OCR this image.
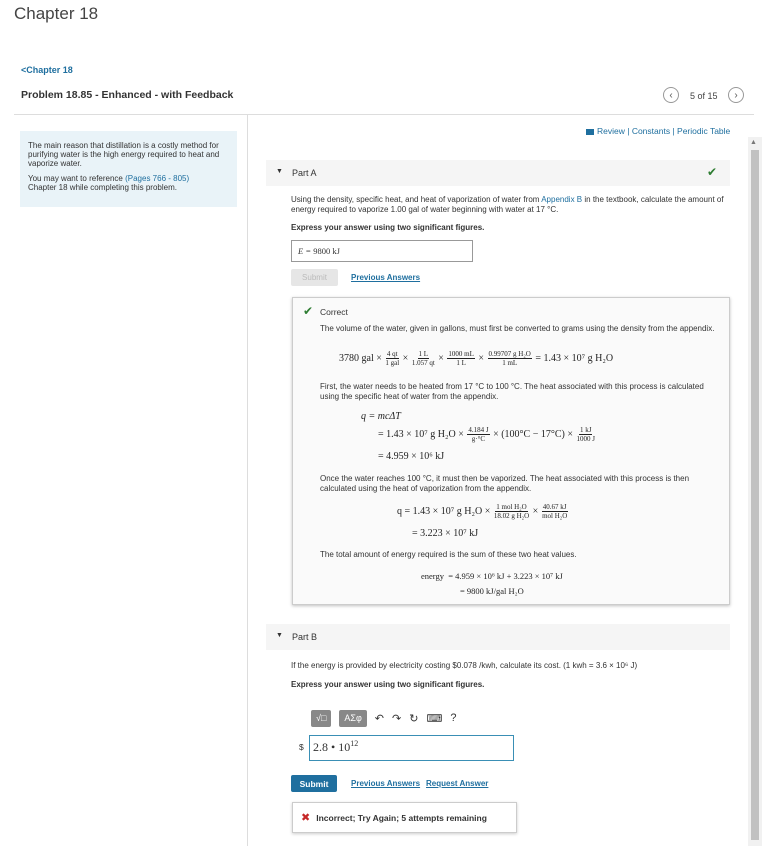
Chapter 18
<Chapter 18
Problem 18.85 - Enhanced - with Feedback	‹ 5 of 15 ›
The main reason that distillation is a costly method for purifying water is the high energy required to heat and vaporize water.
You may want to reference (Pages 766 - 805)
Chapter 18 while completing this problem.
Review | Constants | Periodic Table
▲
▼ Part A	✔
Using the density, specific heat, and heat of vaporization of water from Appendix B in the textbook, calculate the amount of energy required to vaporize 1.00 gal of water beginning with water at 17 °C.
Express your answer using two significant figures.
E = 9800 kJ
Submit	Previous Answers
✔ Correct
The volume of the water, given in gallons, must first be converted to grams using the density from the appendix.
3780 gal × $\frac{4 qt}{\text{1 gal}} \times \frac{1 L}{1.057 qt} \times \frac{1000 mL}{1 L} \times \frac{\text{0.99707 g H₂O}}{1 mL} = 1.43 \times 10^7$ g H₂O
First, the water needs to be heated from 17 °C to 100 °C. The heat associated with this process is calculated using the specific heat of water from the appendix.
q = mcΔT
= 1.43 × 10⁷ g $H_2O \times \frac{4.184 J}{g\cdot^\circ C} \times (100^\circ C - 17^\circ C) \times \frac{1 kJ}{1000 J}$
= 4.959 × 10⁶ kJ
Once the water reaches 100 °C, it must then be vaporized. The heat associated with this process is then calculated using the heat of vaporization from the appendix.
q = 1.43 × 10⁷ g $H_2O \times \frac{\text{1 mol H₂O}}{\text{18.02 g H₂O}} \times \frac{40.67 kJ}{\text{mol H₂O}}$
= 3.223 × 10⁷ kJ
The total amount of energy required is the sum of these two heat values.
energy = 4.959 × 10⁶ kJ + 3.223 × 10⁷ kJ
= 9800 kJ/gal H₂O
▼ Part B
If the energy is provided by electricity costing $0.078 /kwh, calculate its cost. (1 kwh = 3.6 × 10⁶ J)
Express your answer using two significant figures.
√□	ΑΣφ	↶ ↷ ↻ ⌨ ?
$ 2.8 • $10^{12}$
Submit	Previous Answers Request Answer
✖ Incorrect; Try Again; 5 attempts remaining
